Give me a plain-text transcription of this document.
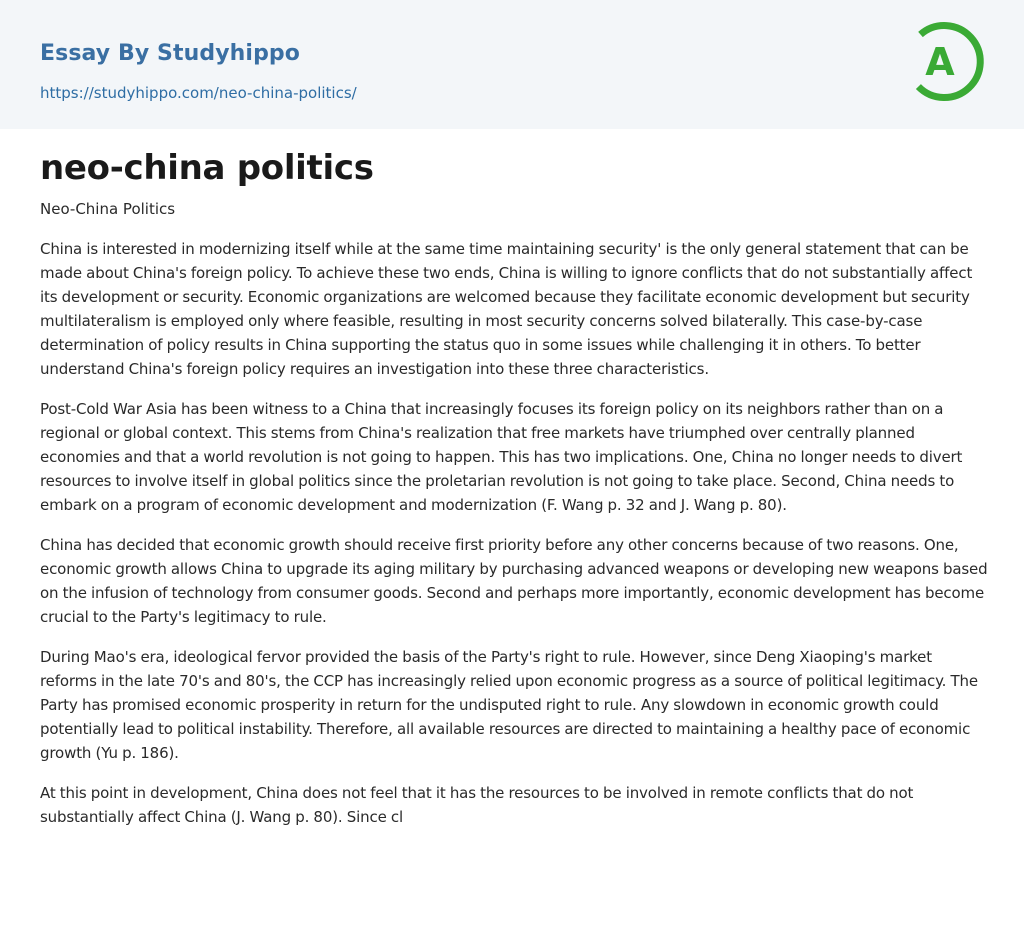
Essay By Studyhippo
https://studyhippo.com/neo-china-politics/
A
neo-china politics
Neo-China Politics

China is interested in modernizing itself while at the same time maintaining security' is the only general statement that can be made about China's foreign policy. To achieve these two ends, China is willing to ignore conflicts that do not substantially affect its development or security. Economic organizations are welcomed because they facilitate economic development but security multilateralism is employed only where feasible, resulting in most security concerns solved bilaterally. This case-by-case determination of policy results in China supporting the status quo in some issues while challenging it in others. To better understand China's foreign policy requires an investigation into these three characteristics.

Post-Cold War Asia has been witness to a China that increasingly focuses its foreign policy on its neighbors rather than on a regional or global context. This stems from China's realization that free markets have triumphed over centrally planned economies and that a world revolution is not going to happen. This has two implications. One, China no longer needs to divert resources to involve itself in global politics since the proletarian revolution is not going to take place. Second, China needs to embark on a program of economic development and modernization (F. Wang p. 32 and J. Wang p. 80).

China has decided that economic growth should receive first priority before any other concerns because of two reasons. One, economic growth allows China to upgrade its aging military by purchasing advanced weapons or developing new weapons based on the infusion of technology from consumer goods. Second and perhaps more importantly, economic development has become crucial to the Party's legitimacy to rule.

During Mao's era, ideological fervor provided the basis of the Party's right to rule. However, since Deng Xiaoping's market reforms in the late 70's and 80's, the CCP has increasingly relied upon economic progress as a source of political legitimacy. The Party has promised economic prosperity in return for the undisputed right to rule. Any slowdown in economic growth could potentially lead to political instability. Therefore, all available resources are directed to maintaining a healthy pace of economic growth (Yu p. 186).

At this point in development, China does not feel that it has the resources to be involved in remote conflicts that do not substantially affect China (J. Wang p. 80). Since cl
